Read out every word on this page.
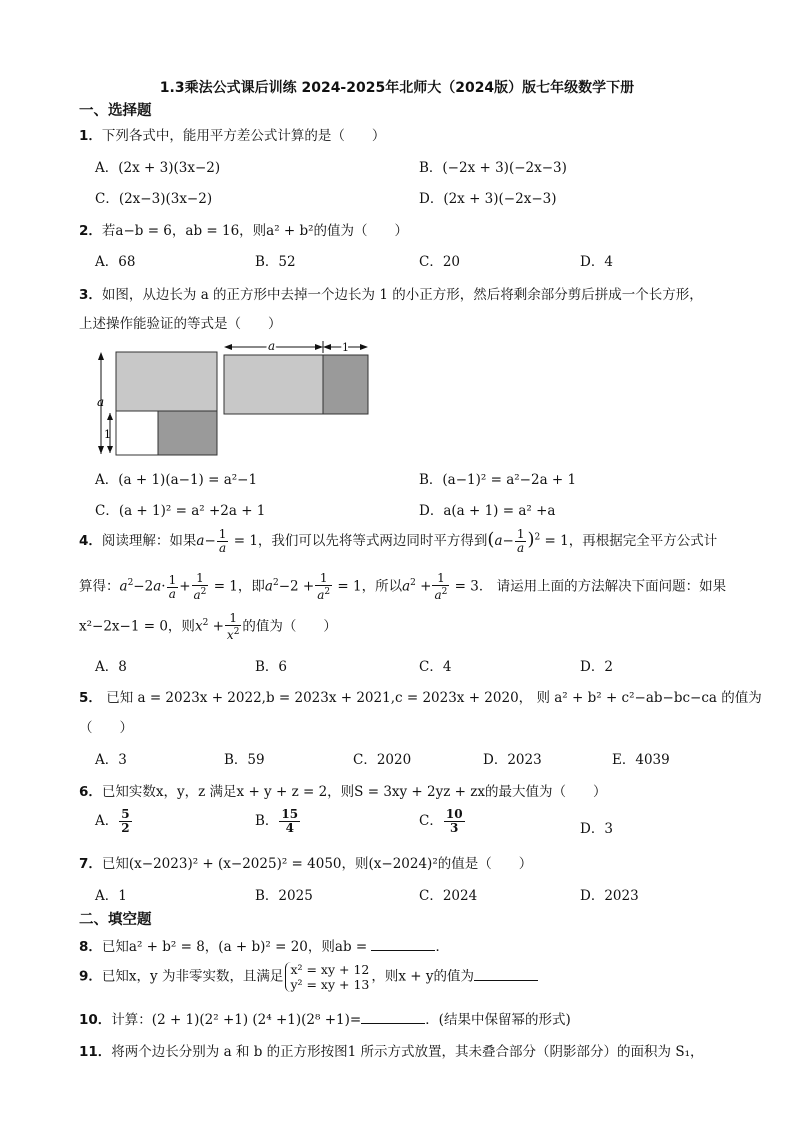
1.3乘法公式课后训练 2024-2025年北师大（2024版）版七年级数学下册
一、选择题
1．下列各式中，能用平方差公式计算的是（　　）
A．(2x + 3)(3x−2)	B．(−2x + 3)(−2x−3)
C．(2x−3)(3x−2)	D．(2x + 3)(−2x−3)
2．若a−b = 6，ab = 16，则a² + b²的值为（　　）
A．68	B．52	C．20	D．4
3．如图，从边长为 a 的正方形中去掉一个边长为 1 的小正方形，然后将剩余部分剪后拼成一个长方形，
上述操作能验证的等式是（　　）
a
1
a	1
A．(a + 1)(a−1) = a²−1	B．(a−1)² = a²−2a + 1
C．(a + 1)² = a² +2a + 1	D．a(a + 1) = a² +a
4．阅读理解：如果$a- \frac{1}{a} = 1$，我们可以先将等式两边同时平方得到$(a- \frac{1}{a} )^2 = 1$，再根据完全平方公式计
算得：$a^2-2a\cdot \frac{1}{a} + \frac{1}{a^2} = 1$，即$a^2-2 + \frac{1}{a^2} = 1$，所以$a^2 + \frac{1}{a^2} = 3$． 请运用上面的方法解决下面问题：如果
x²−2x−1 = 0，则$x^2 + \frac{1}{x^2}$ 的值为（　　）
A．8	B．6	C．4	D．2
5． 已知 a = 2023x + 2022,b = 2023x + 2021,c = 2023x + 2020， 则 a² + b² + c²−ab−bc−ca 的值为
（　　）
A．3	B．59	C．2020	D．2023	E．4039
6．已知实数x，y，z 满足x + y + z = 2，则S = 3xy + 2yz + zx的最大值为（　　）
A． $\frac{5}{2}$	B． $\frac{15}{4}$	C． $\frac{10}{3}$	D．3
7．已知(x−2023)² + (x−2025)² = 4050，则(x−2024)²的值是（　　）
A．1	B．2025	C．2024	D．2023
二、填空题
8．已知a² + b² = 8，(a + b)² = 20，则ab =	．
9．已知x，y 为非零实数，且满足 x² = xy + 12
y² = xy + 13 ，则x + y的值为
10．计算：(2 + 1)(2² +1) (2⁴ +1)(2⁸ +1)=	．(结果中保留幂的形式)
11．将两个边长分别为 a 和 b 的正方形按图1 所示方式放置，其未叠合部分（阴影部分）的面积为 S₁，
